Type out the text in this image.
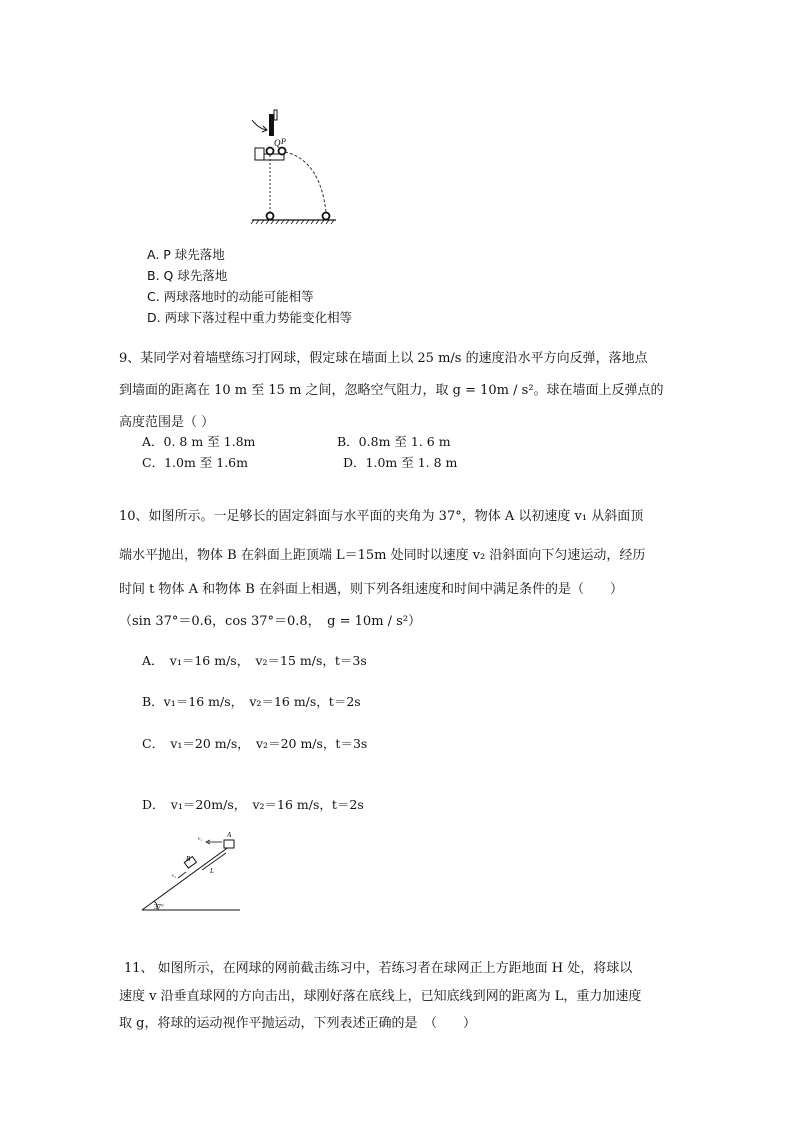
Q P
A. P 球先落地
B. Q 球先落地
C. 两球落地时的动能可能相等
D. 两球下落过程中重力势能变化相等
9、某同学对着墙壁练习打网球，假定球在墙面上以 25 m/s 的速度沿水平方向反弹，落地点
到墙面的距离在 10 m 至 15 m 之间，忽略空气阻力，取 g = 10m / s²。球在墙面上反弹点的
高度范围是（ ）
A．0. 8 m 至 1.8m	B．0.8m 至 1. 6 m
C．1.0m 至 1.6m	D．1.0m 至 1. 8 m
10、如图所示。一足够长的固定斜面与水平面的夹角为 37°，物体 A 以初速度 v₁ 从斜面顶
端水平抛出，物体 B 在斜面上距顶端 L＝15m 处同时以速度 v₂ 沿斜面向下匀速运动，经历
时间 t 物体 A 和物体 B 在斜面上相遇，则下列各组速度和时间中满足条件的是（　　）
（sin 37°＝0.6，cos 37°＝0.8，　g = 10m / s²）
A．　v₁＝16 m/s，　v₂＝15 m/s，t＝3s
B．v₁＝16 m/s，　v₂＝16 m/s，t＝2s
C．　v₁＝20 m/s，　v₂＝20 m/s，t＝3s
D．　v₁＝20m/s，　v₂＝16 m/s，t＝2s
37°
A
v₁
B
v₂
L
11、 如图所示，在网球的网前截击练习中，若练习者在球网正上方距地面 H 处，将球以
速度 v 沿垂直球网的方向击出，球刚好落在底线上，已知底线到网的距离为 L，重力加速度
取 g，将球的运动视作平抛运动，下列表述正确的是　（　　）
